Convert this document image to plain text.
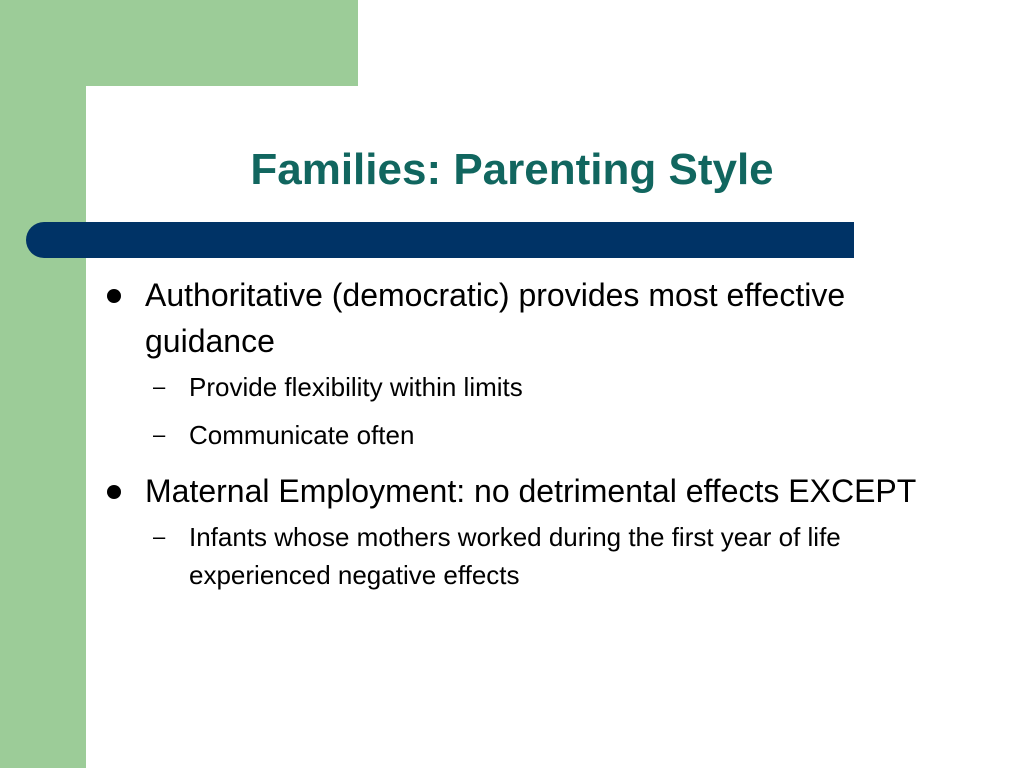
Families: Parenting Style
Authoritative (democratic) provides most effective guidance
– Provide flexibility within limits
– Communicate often
Maternal Employment: no detrimental effects EXCEPT
– Infants whose mothers worked during the first year of life experienced negative effects
